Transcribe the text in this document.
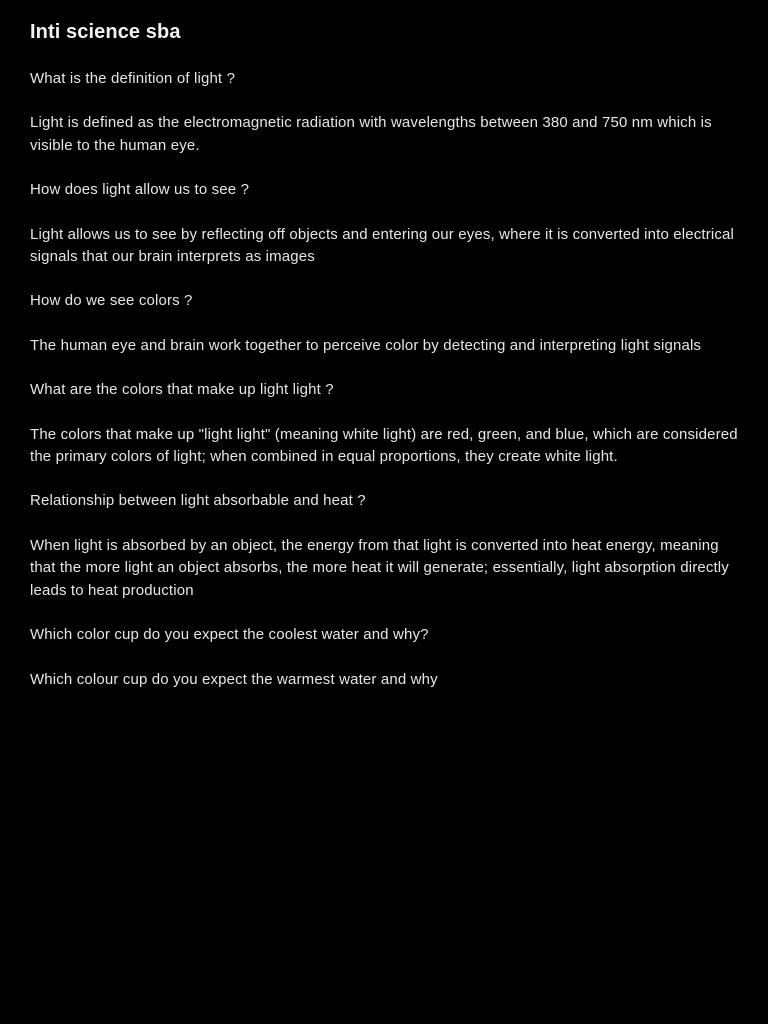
Inti science sba

What is the definition of light ?

Light is defined as the electromagnetic radiation with wavelengths between 380 and 750 nm which is visible to the human eye.

How does light allow us to see ?

Light allows us to see by reflecting off objects and entering our eyes, where it is converted into electrical signals that our brain interprets as images

How do we see colors ?

The human eye and brain work together to perceive color by detecting and interpreting light signals

What are the colors that make up light light ?

The colors that make up "light light" (meaning white light) are red, green, and blue, which are considered the primary colors of light; when combined in equal proportions, they create white light.

Relationship between light absorbable and heat ?

When light is absorbed by an object, the energy from that light is converted into heat energy, meaning that the more light an object absorbs, the more heat it will generate; essentially, light absorption directly leads to heat production

Which color cup do you expect the coolest water and why?

Which colour cup do you expect the warmest water and why
